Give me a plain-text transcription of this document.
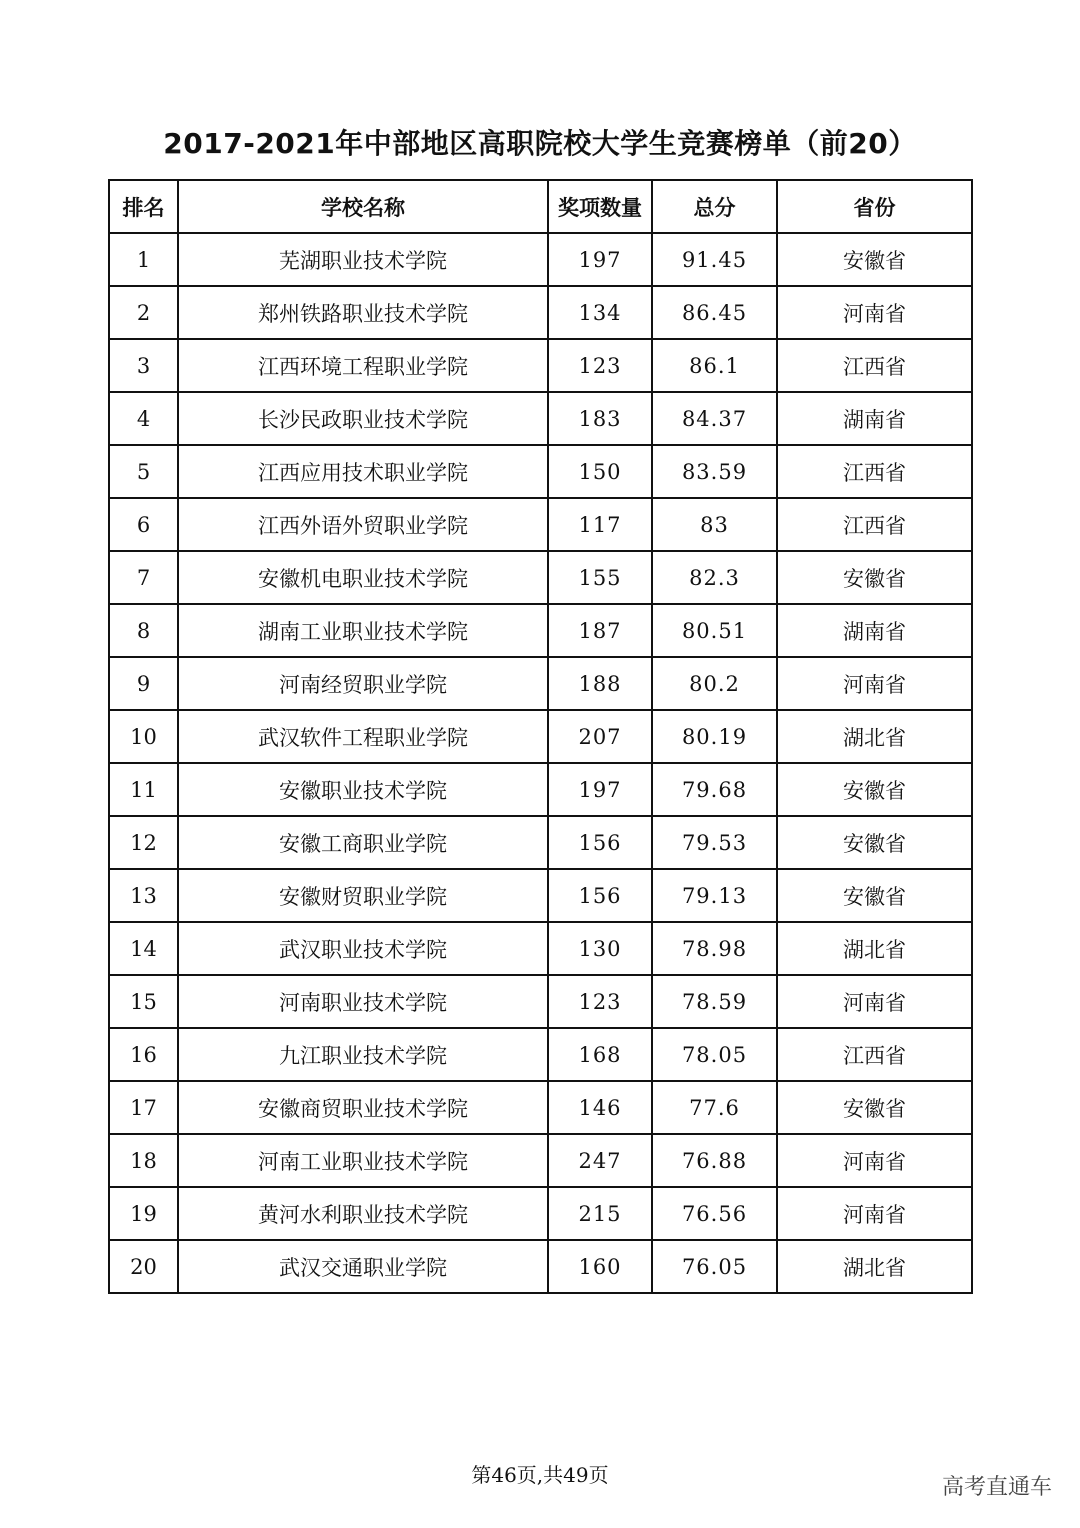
2017-2021年中部地区高职院校大学生竞赛榜单（前20）
排名	学校名称	奖项数量	总分	省份
1	芜湖职业技术学院	197	91.45	安徽省
2	郑州铁路职业技术学院	134	86.45	河南省
3	江西环境工程职业学院	123	86.1	江西省
4	长沙民政职业技术学院	183	84.37	湖南省
5	江西应用技术职业学院	150	83.59	江西省
6	江西外语外贸职业学院	117	83	江西省
7	安徽机电职业技术学院	155	82.3	安徽省
8	湖南工业职业技术学院	187	80.51	湖南省
9	河南经贸职业学院	188	80.2	河南省
10	武汉软件工程职业学院	207	80.19	湖北省
11	安徽职业技术学院	197	79.68	安徽省
12	安徽工商职业学院	156	79.53	安徽省
13	安徽财贸职业学院	156	79.13	安徽省
14	武汉职业技术学院	130	78.98	湖北省
15	河南职业技术学院	123	78.59	河南省
16	九江职业技术学院	168	78.05	江西省
17	安徽商贸职业技术学院	146	77.6	安徽省
18	河南工业职业技术学院	247	76.88	河南省
19	黄河水利职业技术学院	215	76.56	河南省
20	武汉交通职业学院	160	76.05	湖北省
第46页,共49页	高考直通车
